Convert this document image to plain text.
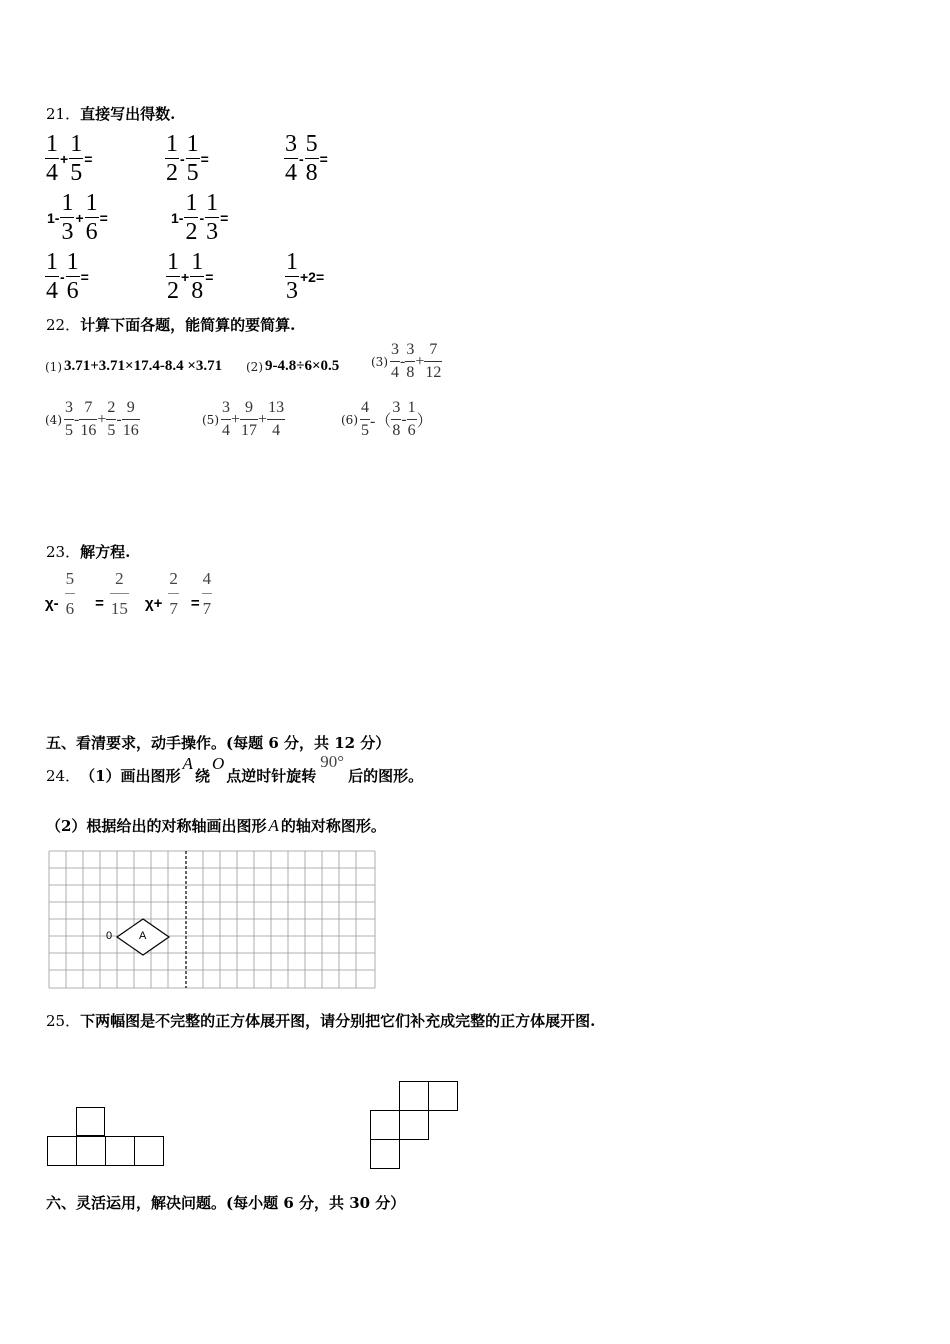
21．直接写出得数.
$\frac{1}{4} + \frac{1}{5}$ =	$\frac{1}{2} - \frac{1}{5}$ =	$\frac{3}{4} - \frac{5}{8}$ =
$1- \frac{1}{3} + \frac{1}{6}$ =	$1- \frac{1}{2} - \frac{1}{3}$ =
$\frac{1}{4} - \frac{1}{6}$ =	$\frac{1}{2} + \frac{1}{8}$ =	$\frac{1}{3} +2=$
22．计算下面各题，能简算的要简算.
(1) 3.71+3.71×17.4-8.4 ×3.71 (2) 9-4.8÷6×0.5	$(3) \frac{3}{4} - \frac{3}{8} + \frac{7}{12}$
$(4) \frac{3}{5} - \frac{7}{16} + \frac{2}{5} - \frac{9}{16}$	$(5) \frac{3}{4} + \frac{9}{17} + \frac{13}{4}$	$(6) \frac{4}{5}$ -（ $\frac{3}{8} - \frac{1}{6}$ ）
23．解方程.
$\chi- \frac{5}{6} = \frac{2}{15} \chi+ \frac{2}{7} = \frac{4}{7}$
五、看清要求，动手操作。(每题 6 分，共 12 分）
24． （1）画出图形
A
绕
O
点逆时针旋转
90°
后的图形。
（2）根据给出的对称轴画出图形 A 的轴对称图形。
0 A
25．下两幅图是不完整的正方体展开图，请分别把它们补充成完整的正方体展开图.
六、灵活运用，解决问题。(每小题 6 分，共 30 分）
